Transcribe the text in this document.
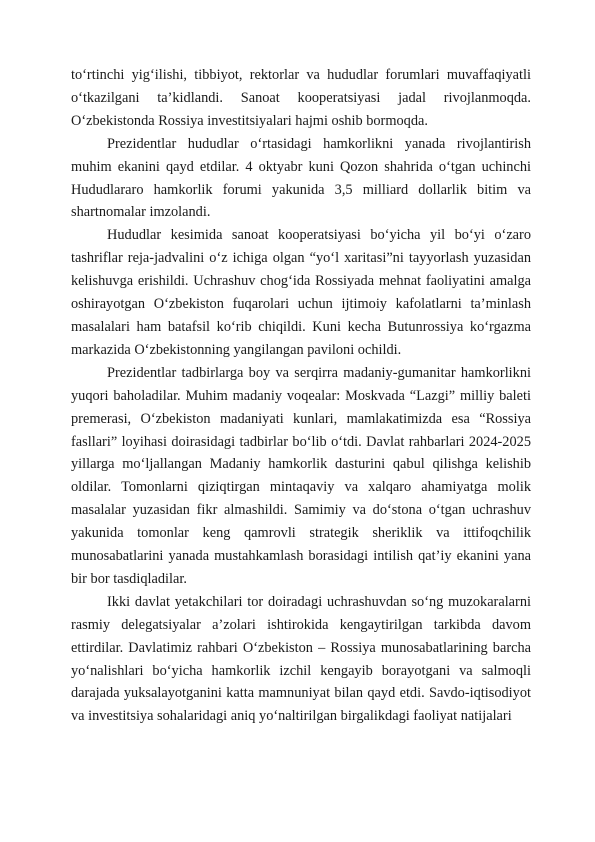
to‘rtinchi yig‘ilishi, tibbiyot, rektorlar va hududlar forumlari muvaffaqiyatli o‘tkazilgani ta’kidlandi. Sanoat kooperatsiyasi jadal rivojlanmoqda. O‘zbekistonda Rossiya investitsiyalari hajmi oshib bormoqda.

Prezidentlar hududlar o‘rtasidagi hamkorlikni yanada rivojlantirish muhim ekanini qayd etdilar. 4 oktyabr kuni Qozon shahrida o‘tgan uchinchi Hududlararo hamkorlik forumi yakunida 3,5 milliard dollarlik bitim va shartnomalar imzolandi.

Hududlar kesimida sanoat kooperatsiyasi bo‘yicha yil bo‘yi o‘zaro tashriflar reja-jadvalini o‘z ichiga olgan “yo‘l xaritasi”ni tayyorlash yuzasidan kelishuvga erishildi. Uchrashuv chog‘ida Rossiyada mehnat faoliyatini amalga oshirayotgan O‘zbekiston fuqarolari uchun ijtimoiy kafolatlarni ta’minlash masalalari ham batafsil ko‘rib chiqildi. Kuni kecha Butunrossiya ko‘rgazma markazida O‘zbekistonning yangilangan paviloni ochildi.

Prezidentlar tadbirlarga boy va serqirra madaniy-gumanitar hamkorlikni yuqori baholadilar. Muhim madaniy voqealar: Moskvada “Lazgi” milliy baleti premerasi, O‘zbekiston madaniyati kunlari, mamlakatimizda esa “Rossiya fasllari” loyihasi doirasidagi tadbirlar bo‘lib o‘tdi. Davlat rahbarlari 2024-2025 yillarga mo‘ljallangan Madaniy hamkorlik dasturini qabul qilishga kelishib oldilar. Tomonlarni qiziqtirgan mintaqaviy va xalqaro ahamiyatga molik masalalar yuzasidan fikr almashildi. Samimiy va do‘stona o‘tgan uchrashuv yakunida tomonlar keng qamrovli strategik sheriklik va ittifoqchilik munosabatlarini yanada mustahkamlash borasidagi intilish qat’iy ekanini yana bir bor tasdiqladilar.

Ikki davlat yetakchilari tor doiradagi uchrashuvdan so‘ng muzokaralarni rasmiy delegatsiyalar a’zolari ishtirokida kengaytirilgan tarkibda davom ettirdilar. Davlatimiz rahbari O‘zbekiston – Rossiya munosabatlarining barcha yo‘nalishlari bo‘yicha hamkorlik izchil kengayib borayotgani va salmoqli darajada yuksalayotganini katta mamnuniyat bilan qayd etdi. Savdo-iqtisodiyot va investitsiya sohalaridagi aniq yo‘naltirilgan birgalikdagi faoliyat natijalari
